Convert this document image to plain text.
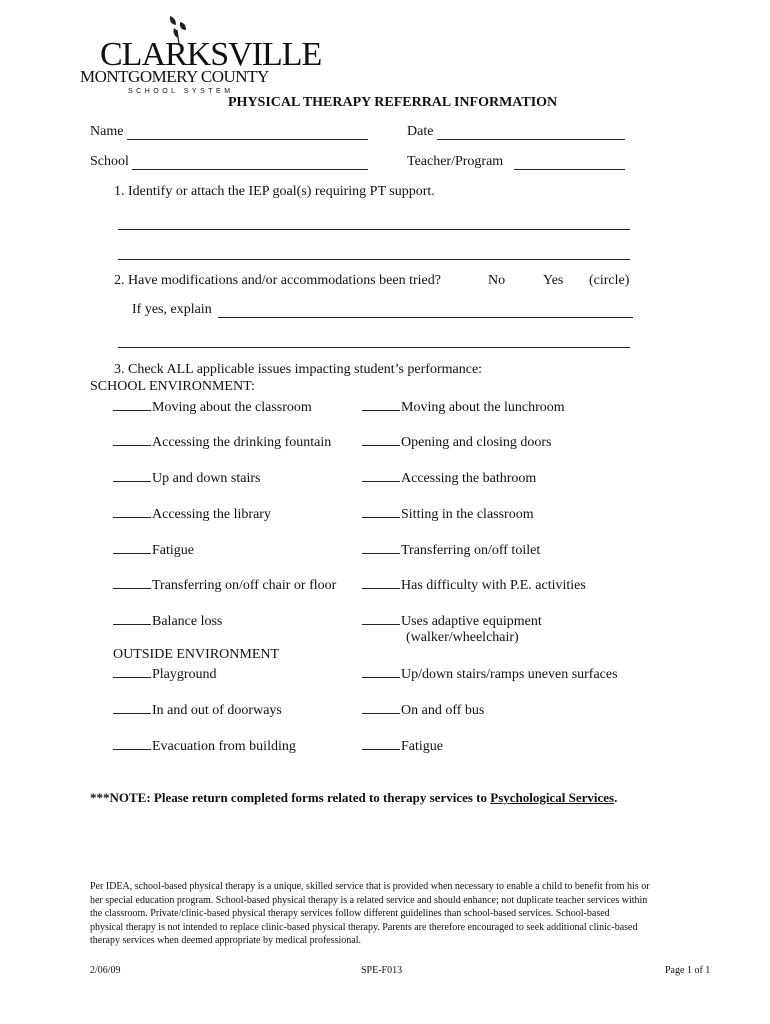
CLARKSVILLE
MONTGOMERY COUNTY
SCHOOL SYSTEM
PHYSICAL THERAPY REFERRAL INFORMATION
Name	Date
School	Teacher/Program
1. Identify or attach the IEP goal(s) requiring PT support.
2. Have modifications and/or accommodations been tried?	No	Yes (circle)
If yes, explain
3. Check ALL applicable issues impacting student’s performance:
SCHOOL ENVIRONMENT:
Moving about the classroom	Moving about the lunchroom
Accessing the drinking fountain	Opening and closing doors
Up and down stairs	Accessing the bathroom
Accessing the library	Sitting in the classroom
Fatigue	Transferring on/off toilet
Transferring on/off chair or floor	Has difficulty with P.E. activities
Balance loss	Uses adaptive equipment
(walker/wheelchair)
OUTSIDE ENVIRONMENT
Playground	Up/down stairs/ramps uneven surfaces
In and out of doorways	On and off bus
Evacuation from building	Fatigue
***NOTE: Please return completed forms related to therapy services to Psychological Services.
Per IDEA, school-based physical therapy is a unique, skilled service that is provided when necessary to enable a child to benefit from his or
her special education program. School-based physical therapy is a related service and should enhance; not duplicate teacher services within
the classroom. Private/clinic-based physical therapy services follow different guidelines than school-based services. School-based
physical therapy is not intended to replace clinic-based physical therapy. Parents are therefore encouraged to seek additional clinic-based
therapy services when deemed appropriate by medical professional.
2/06/09	SPE-F013	Page 1 of 1
